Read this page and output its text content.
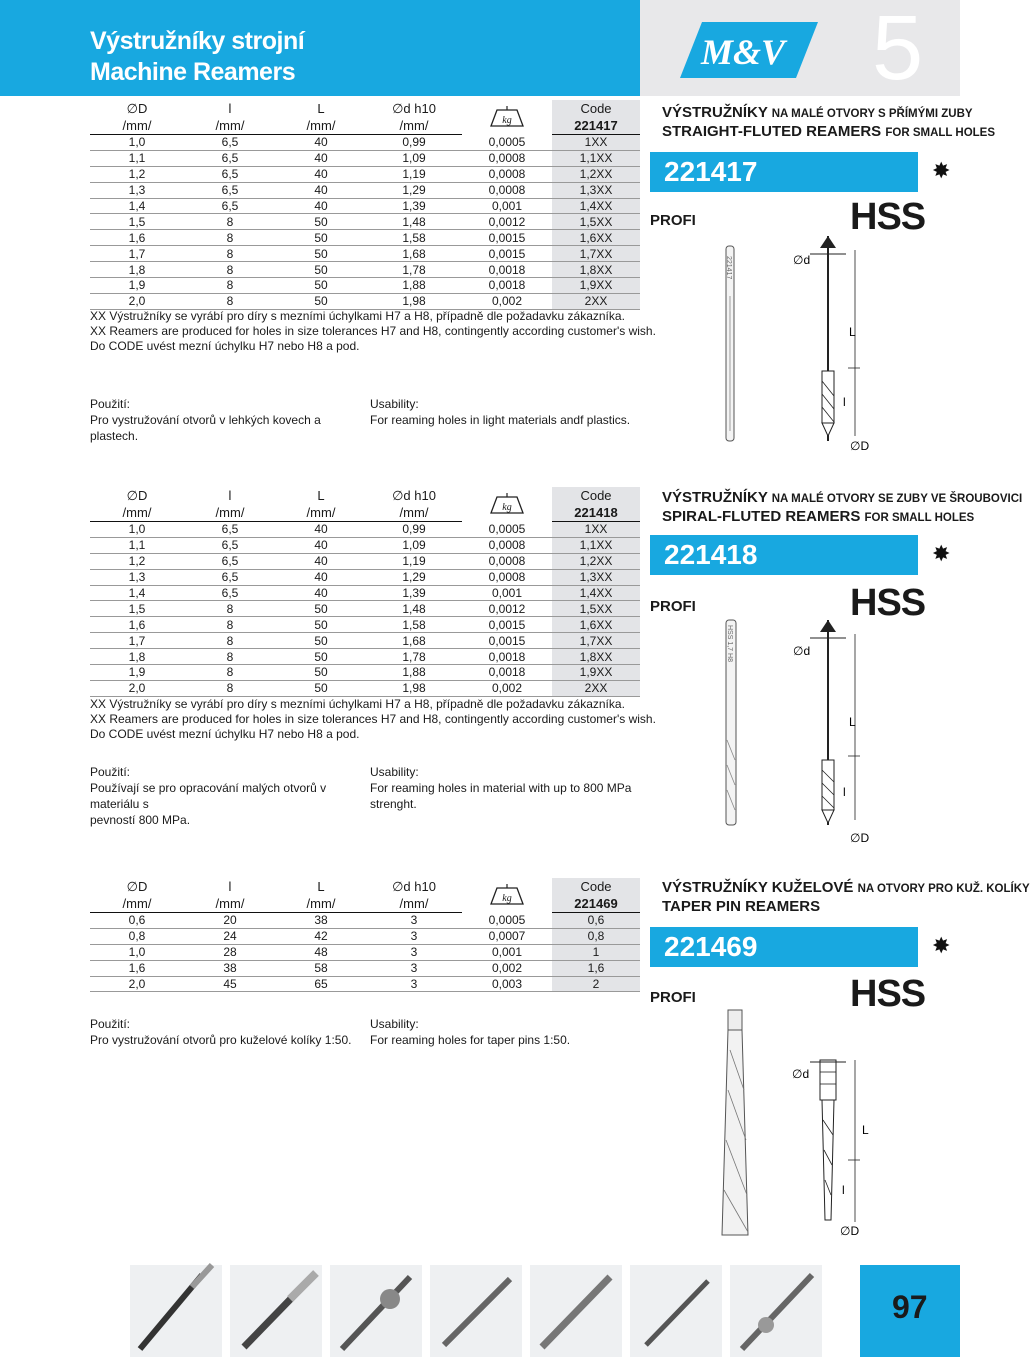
Výstružníky strojní
Machine Reamers	M&V 5
∅D	l	L	∅d h10	kg	Code
/mm/	/mm/	/mm/	/mm/		221417
1,0	6,5	40	0,99	0,0005	1XX
1,1	6,5	40	1,09	0,0008	1,1XX
1,2	6,5	40	1,19	0,0008	1,2XX
1,3	6,5	40	1,29	0,0008	1,3XX
1,4	6,5	40	1,39	0,001	1,4XX
1,5	8	50	1,48	0,0012	1,5XX
1,6	8	50	1,58	0,0015	1,6XX
1,7	8	50	1,68	0,0015	1,7XX
1,8	8	50	1,78	0,0018	1,8XX
1,9	8	50	1,88	0,0018	1,9XX
2,0	8	50	1,98	0,002	2XX
XX Výstružníky se vyrábí pro díry s mezními úchylkami H7 a H8, případně dle požadavku zákazníka.
XX Reamers are produced for holes in size tolerances H7 and H8, contingently according customer's wish.
Do CODE uvést mezní úchylku H7 nebo H8 a pod.
Použití:
Pro vystružování otvorů v lehkých kovech a plastech.
Usability:
For reaming holes in light materials andf plastics.
VÝSTRUŽNÍKY NA MALÉ OTVORY S PŘÍMÝMI ZUBY
STRAIGHT-FLUTED REAMERS FOR SMALL HOLES
221417	✸
PROFI	HSS
221417	∅d
L
l
∅D
∅D	l	L	∅d h10	kg	Code
/mm/	/mm/	/mm/	/mm/		221418
1,0	6,5	40	0,99	0,0005	1XX
1,1	6,5	40	1,09	0,0008	1,1XX
1,2	6,5	40	1,19	0,0008	1,2XX
1,3	6,5	40	1,29	0,0008	1,3XX
1,4	6,5	40	1,39	0,001	1,4XX
1,5	8	50	1,48	0,0012	1,5XX
1,6	8	50	1,58	0,0015	1,6XX
1,7	8	50	1,68	0,0015	1,7XX
1,8	8	50	1,78	0,0018	1,8XX
1,9	8	50	1,88	0,0018	1,9XX
2,0	8	50	1,98	0,002	2XX
XX Výstružníky se vyrábí pro díry s mezními úchylkami H7 a H8, případně dle požadavku zákazníka.
XX Reamers are produced for holes in size tolerances H7 and H8, contingently according customer's wish.
Do CODE uvést mezní úchylku H7 nebo H8 a pod.
Použití:
Používají se pro opracování malých otvorů v materiálu s
pevností 800 MPa.
Usability:
For reaming holes in material with up to 800 MPa strenght.
VÝSTRUŽNÍKY NA MALÉ OTVORY SE ZUBY VE ŠROUBOVICI
SPIRAL-FLUTED REAMERS FOR SMALL HOLES
221418	✸
PROFI	HSS
HSS 1,7 H8	∅d
L
l
∅D
∅D	l	L	∅d h10	kg	Code
/mm/	/mm/	/mm/	/mm/		221469
0,6	20	38	3	0,0005	0,6
0,8	24	42	3	0,0007	0,8
1,0	28	48	3	0,001	1
1,6	38	58	3	0,002	1,6
2,0	45	65	3	0,003	2
Použití:
Pro vystružování otvorů pro kuželové kolíky 1:50.
Usability:
For reaming holes for taper pins 1:50.
VÝSTRUŽNÍKY KUŽELOVÉ NA OTVORY PRO KUŽ. KOLÍKY
TAPER PIN REAMERS
221469	✸
PROFI	HSS
∅d
L
l
∅D
97
